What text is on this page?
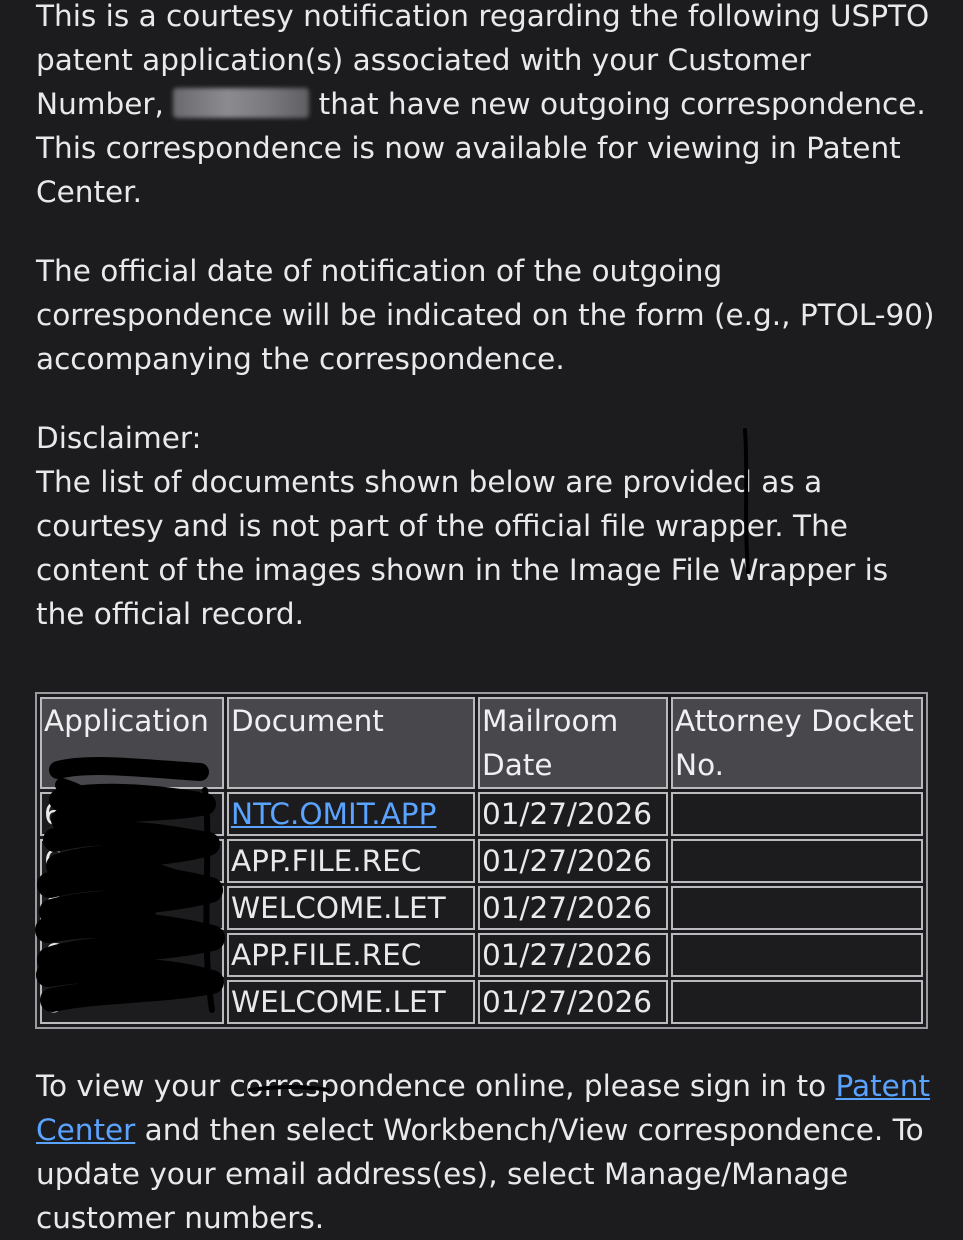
This is a courtesy notification regarding the following USPTO patent application(s) associated with your Customer Number,	that have new outgoing correspondence. This correspondence is now available for viewing in Patent Center.

The official date of notification of the outgoing correspondence will be indicated on the form (e.g., PTOL-90) accompanying the correspondence.

Disclaimer:
The list of documents shown below are provided as a courtesy and is not part of the official file wrapper. The content of the images shown in the Image File Wrapper is the official record.

Application	Document	Mailroom Date	Attorney Docket No.
6	NTC.OMIT.APP	01/27/2026	
6	APP.FILE.REC	01/27/2026	
6	WELCOME.LET	01/27/2026	
6	APP.FILE.REC	01/27/2026	
6	WELCOME.LET	01/27/2026	

To view your correspondence online, please sign in to Patent Center and then select Workbench/View correspondence. To update your email address(es), select Manage/Manage customer numbers.
